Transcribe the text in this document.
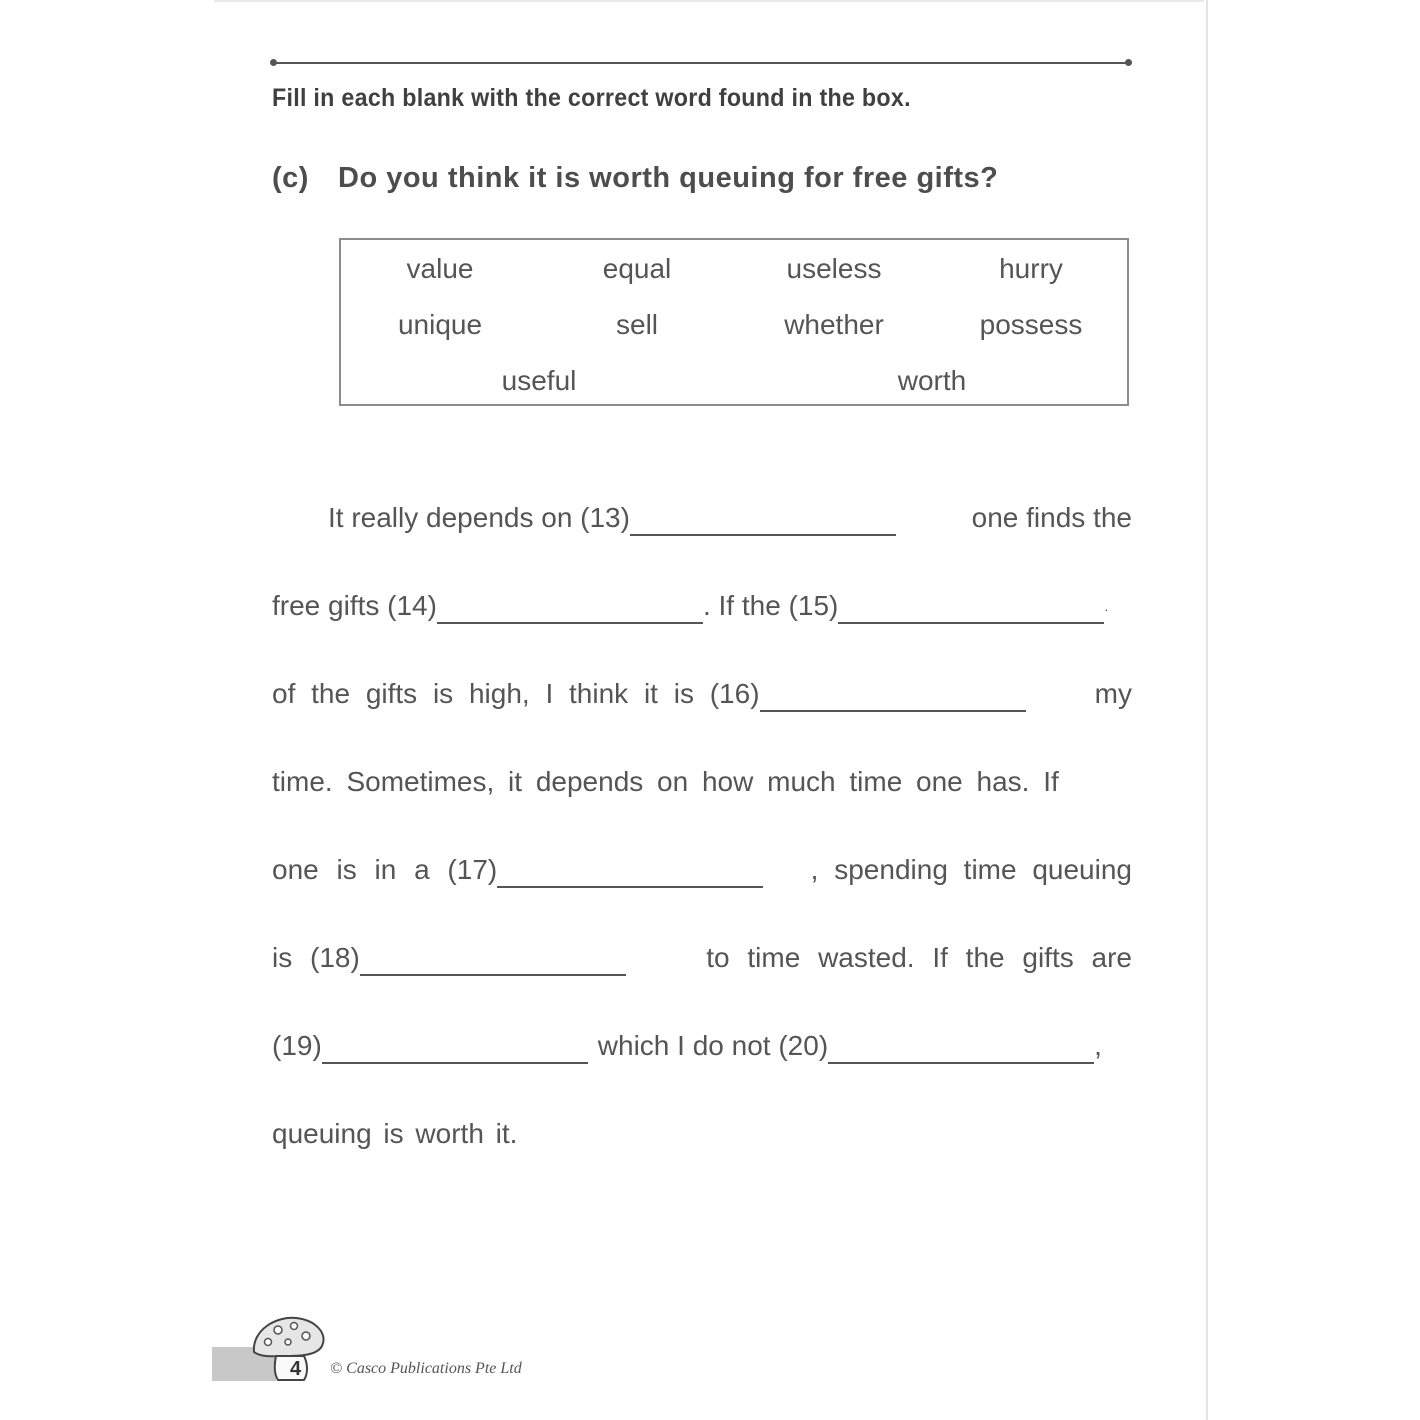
Fill in each blank with the correct word found in the box.
(c) Do you think it is worth queuing for free gifts?
value	equal	useless	hurry
unique	sell	whether	possess
useful	worth
It really depends on (13)	one finds the
free gifts (14)	. If the (15)	.
of the gifts is high, I think it is (16)	my
time. Sometimes, it depends on how much time one has. If
one is in a (17)	, spending time queuing
is (18)	to time wasted. If the gifts are
(19)	which I do not (20)	,
queuing is worth it.
4 © Casco Publications Pte Ltd
